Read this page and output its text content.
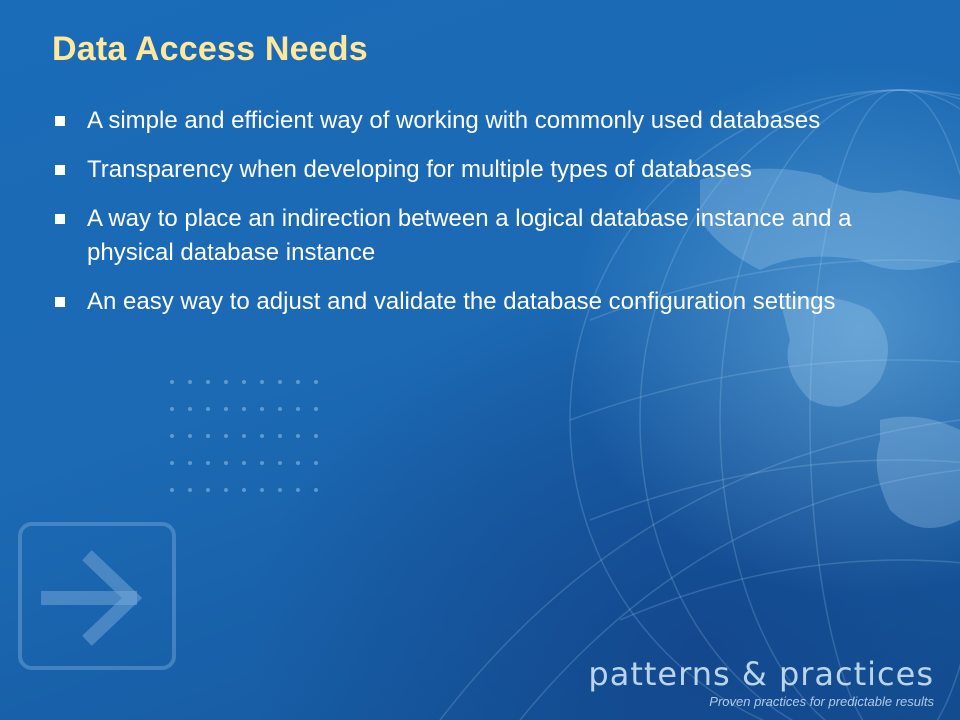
Data Access Needs
A simple and efficient way of working with commonly used databases
Transparency when developing for multiple types of databases
A way to place an indirection between a logical database instance and a physical database instance
An easy way to adjust and validate the database configuration settings
patterns & practices
Proven practices for predictable results
